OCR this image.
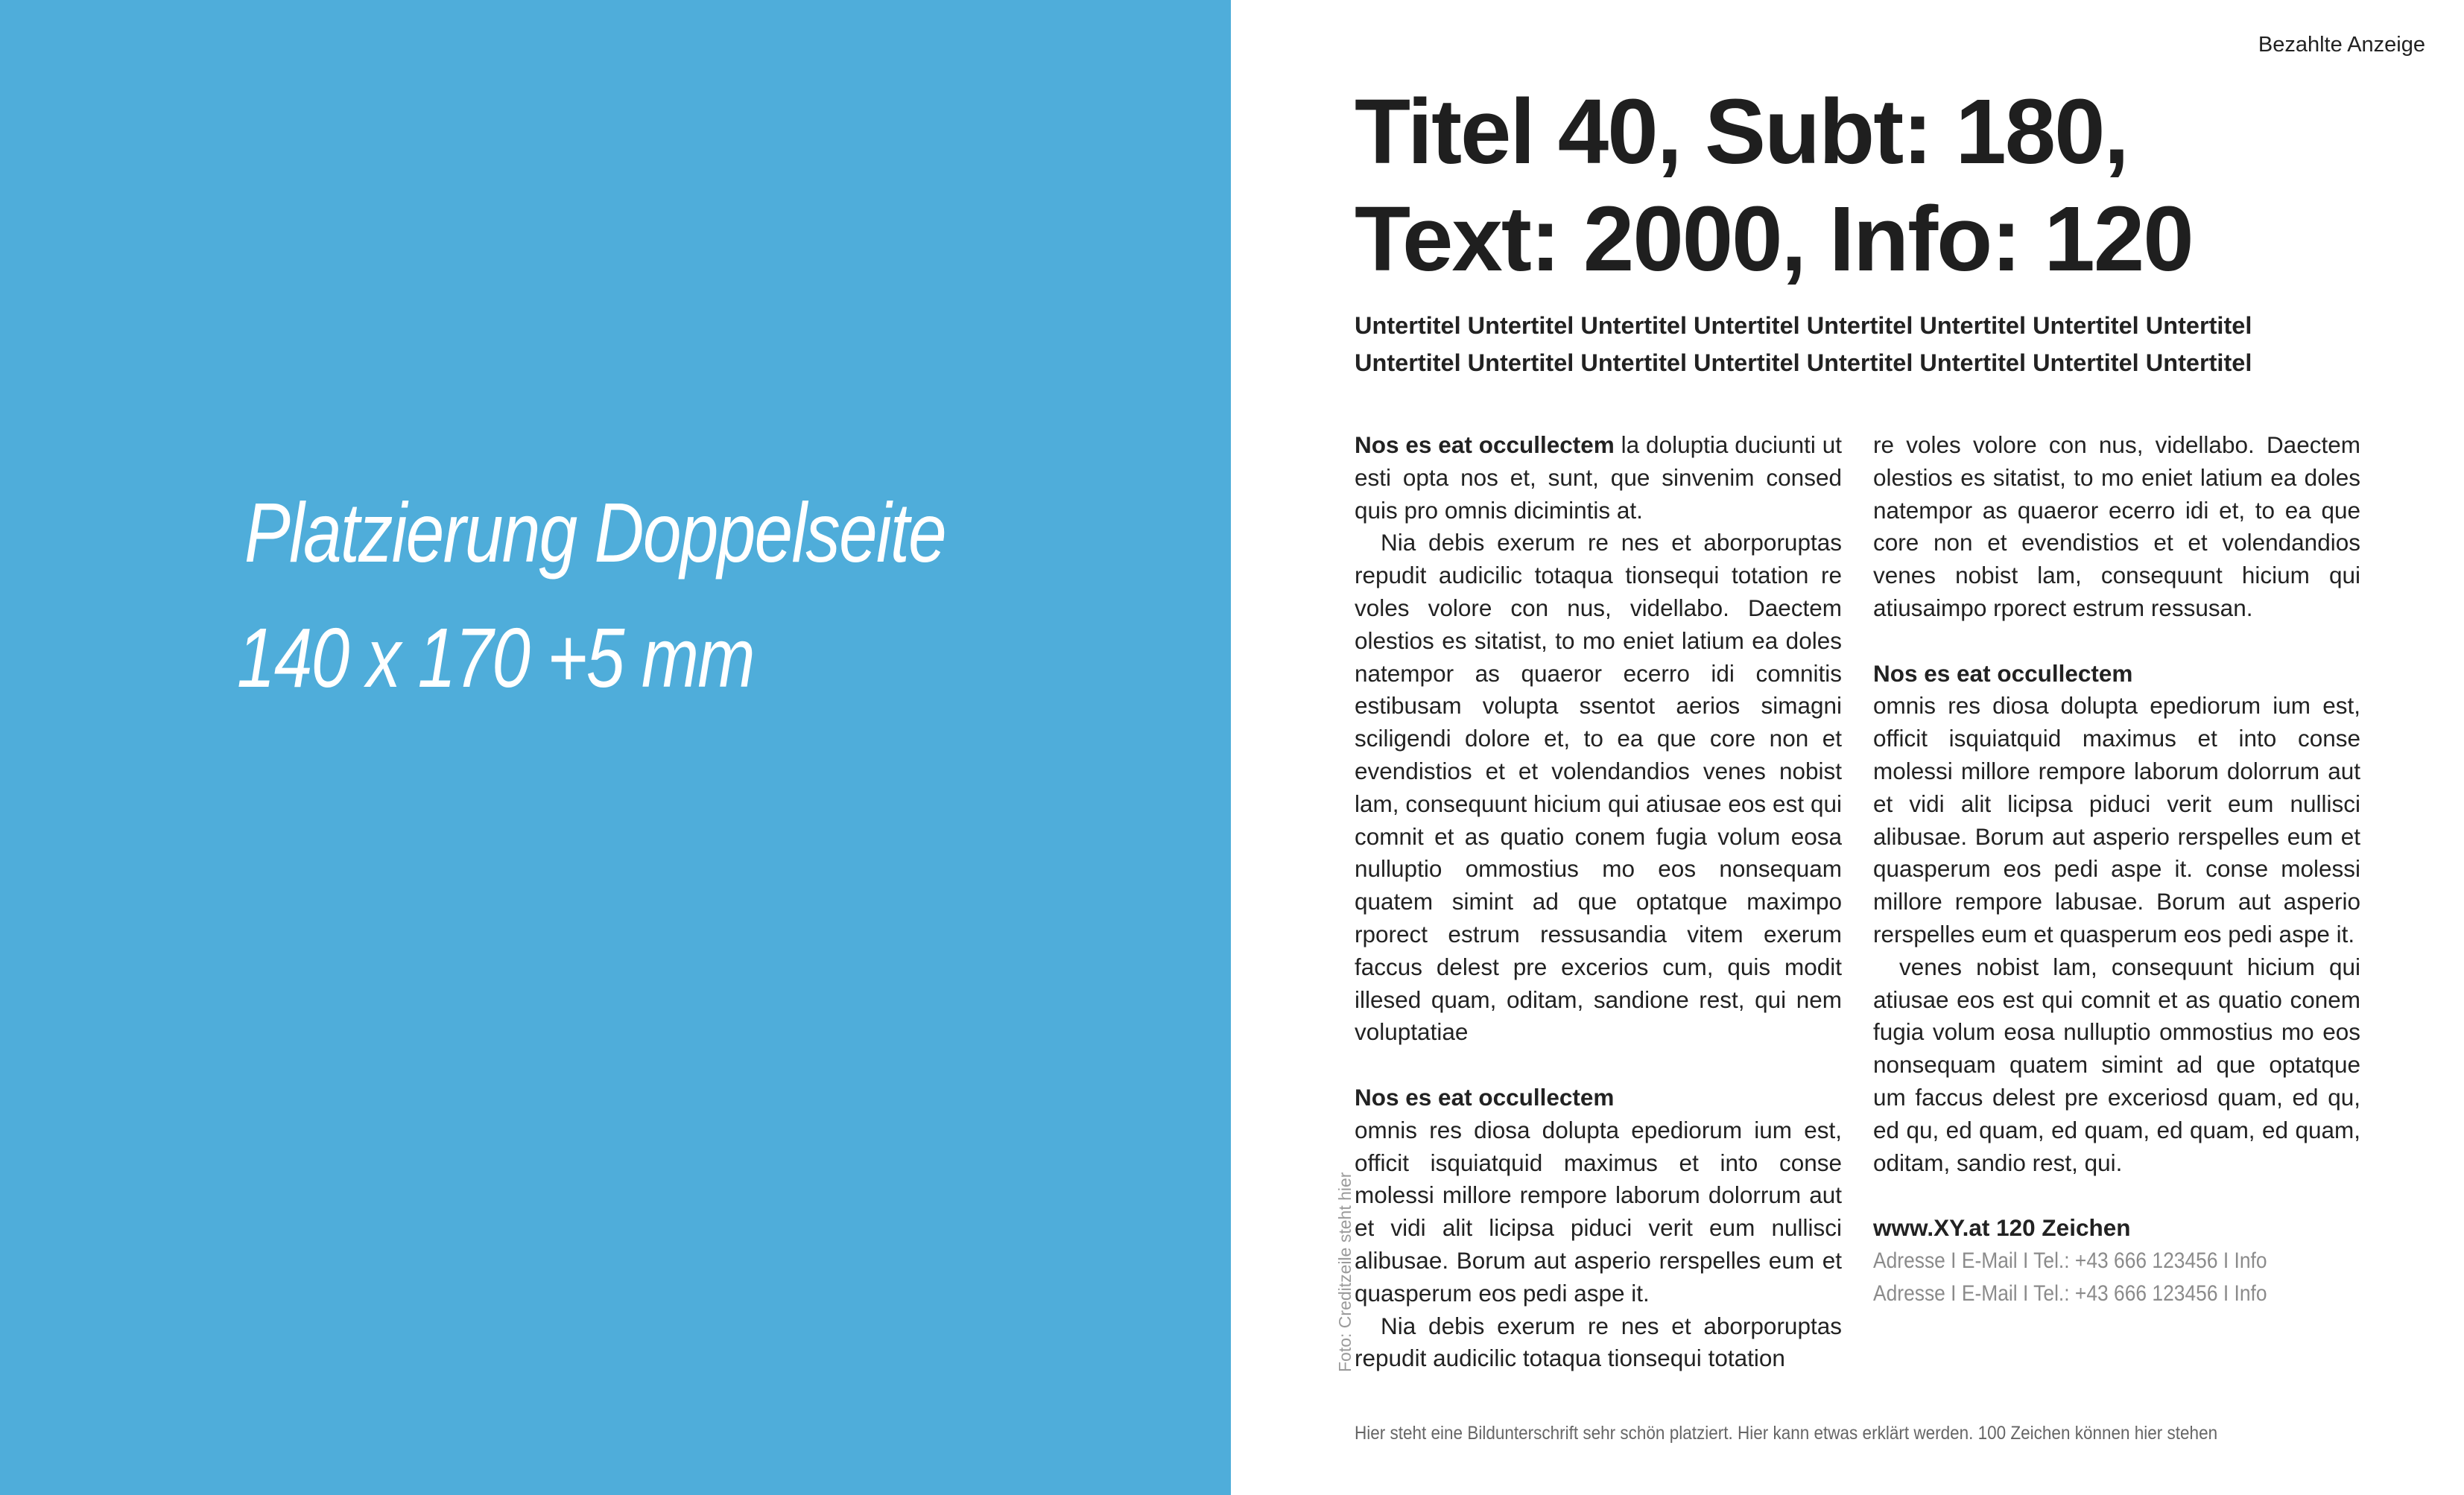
Platzierung Doppelseite
140 x 170 +5 mm
Bezahlte Anzeige
Titel 40, Subt: 180,
Text: 2000, Info: 120
Untertitel Untertitel Untertitel Untertitel Untertitel Untertitel Untertitel Untertitel Untertitel Untertitel Untertitel Untertitel Untertitel Untertitel Untertitel Untertitel

Nos es eat occullectem la doluptia duciunti ut esti opta nos et, sunt, que sinvenim consed quis pro omnis dicimintis at.

Nia debis exerum re nes et aborporuptas repudit audicilic totaqua tionsequi totation re voles volore con nus, videllabo. Daectem olestios es sitatist, to mo eniet latium ea doles natempor as quaeror ecerro idi comnitis estibusam volupta ssentot aerios simagni sciligendi dolore et, to ea que core non et evendistios et et volendandios venes nobist lam, consequunt hicium qui atiusae eos est qui comnit et as quatio conem fugia volum eosa nulluptio ommostius mo eos nonsequam quatem simint ad que optatque maximpo rporect estrum ressusandia vitem exerum faccus delest pre excerios cum, quis modit illesed quam, oditam, sandione rest, qui nem voluptatiae

Nos es eat occullectem

omnis res diosa dolupta epediorum ium est, officit isquiatquid maximus et into conse molessi millore rempore laborum dolorrum aut et vidi alit licipsa piduci verit eum nullisci alibusae. Borum aut asperio rerspelles eum et quasperum eos pedi aspe it.

Nia debis exerum re nes et aborporuptas repudit audicilic totaqua tionsequi totation

re voles volore con nus, videllabo. Daectem olestios es sitatist, to mo eniet latium ea doles natempor as quaeror ecerro idi et, to ea que core non et evendistios et et volendandios venes nobist lam, consequunt hicium qui atiusaimpo rporect estrum ressusan.

Nos es eat occullectem

omnis res diosa dolupta epediorum ium est, officit isquiatquid maximus et into conse molessi millore rempore laborum dolorrum aut et vidi alit licipsa piduci verit eum nullisci alibusae. Borum aut asperio rerspelles eum et quasperum eos pedi aspe it. conse molessi millore rempore labusae. Borum aut asperio rerspelles eum et quasperum eos pedi aspe it.

venes nobist lam, consequunt hicium qui atiusae eos est qui comnit et as quatio conem fugia volum eosa nulluptio ommostius mo eos nonsequam quatem simint ad que optatque um faccus delest pre exceriosd quam, ed qu, ed qu, ed quam, ed quam, ed quam, ed quam, oditam, sandio rest, qui.

www.XY.at 120 Zeichen

Adresse I E-Mail I Tel.: +43 666 123456 I Info
Adresse I E-Mail I Tel.: +43 666 123456 I Info
Foto: Creditzeile steht hier
Hier steht eine Bildunterschrift sehr schön platziert. Hier kann etwas erklärt werden. 100 Zeichen können hier stehen
